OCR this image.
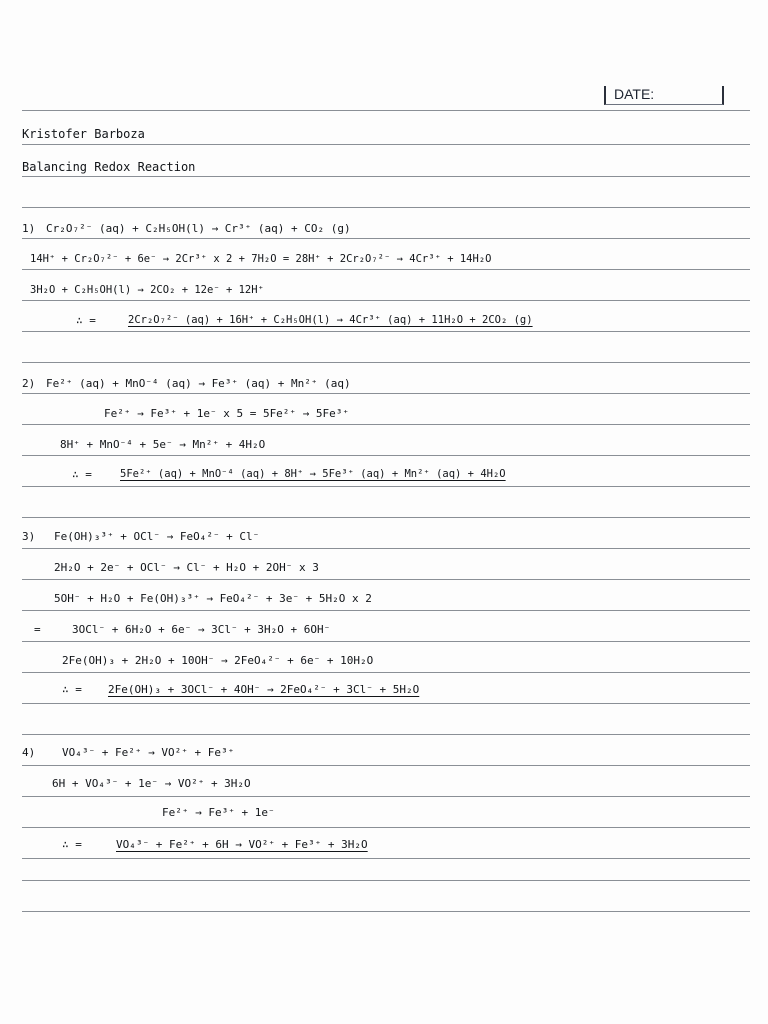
DATE:
Kristofer Barboza
Balancing Redox Reaction
1) Cr₂O₇²⁻ (aq) + C₂H₅OH(l) → Cr³⁺ (aq) + CO₂ (g)
14H⁺ + Cr₂O₇²⁻ + 6e⁻ → 2Cr³⁺ x 2 + 7H₂O = 28H⁺ + 2Cr₂O₇²⁻ → 4Cr³⁺ + 14H₂O
3H₂O + C₂H₅OH(l) → 2CO₂ + 12e⁻ + 12H⁺
∴ =	2Cr₂O₇²⁻ (aq) + 16H⁺ + C₂H₅OH(l) → 4Cr³⁺ (aq) + 11H₂O + 2CO₂ (g)
2) Fe²⁺ (aq) + MnO⁻⁴ (aq) → Fe³⁺ (aq) + Mn²⁺ (aq)
Fe²⁺ → Fe³⁺ + 1e⁻ x 5 = 5Fe²⁺ → 5Fe³⁺
8H⁺ + MnO⁻⁴ + 5e⁻ → Mn²⁺ + 4H₂O
∴ =	5Fe²⁺ (aq) + MnO⁻⁴ (aq) + 8H⁺ → 5Fe³⁺ (aq) + Mn²⁺ (aq) + 4H₂O
3) Fe(OH)₃³⁺ + OCl⁻ → FeO₄²⁻ + Cl⁻
2H₂O + 2e⁻ + OCl⁻ → Cl⁻ + H₂O + 2OH⁻ x 3
5OH⁻ + H₂O + Fe(OH)₃³⁺ → FeO₄²⁻ + 3e⁻ + 5H₂O x 2
=	3OCl⁻ + 6H₂O + 6e⁻ → 3Cl⁻ + 3H₂O + 6OH⁻
2Fe(OH)₃ + 2H₂O + 10OH⁻ → 2FeO₄²⁻ + 6e⁻ + 10H₂O
∴ = 2Fe(OH)₃ + 3OCl⁻ + 4OH⁻ → 2FeO₄²⁻ + 3Cl⁻ + 5H₂O
4) VO₄³⁻ + Fe²⁺ → VO²⁺ + Fe³⁺
6H + VO₄³⁻ + 1e⁻ → VO²⁺ + 3H₂O
Fe²⁺ → Fe³⁺ + 1e⁻
∴ =	VO₄³⁻ + Fe²⁺ + 6H → VO²⁺ + Fe³⁺ + 3H₂O
